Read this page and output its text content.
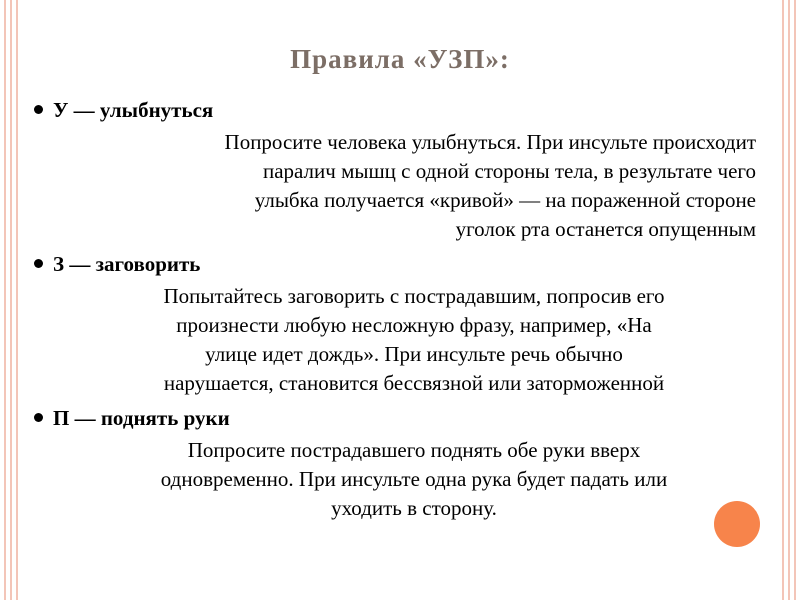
Правила «УЗП»:
У — улыбнуться
Попросите человека улыбнуться. При инсульте происходит
паралич мышц с одной стороны тела, в результате чего
улыбка получается «кривой» — на пораженной стороне
уголок рта останется опущенным
З — заговорить
Попытайтесь заговорить с пострадавшим, попросив его
произнести любую несложную фразу, например, «На
улице идет дождь». При инсульте речь обычно
нарушается, становится бессвязной или заторможенной
П — поднять руки
Попросите пострадавшего поднять обе руки вверх
одновременно. При инсульте одна рука будет падать или
уходить в сторону.
